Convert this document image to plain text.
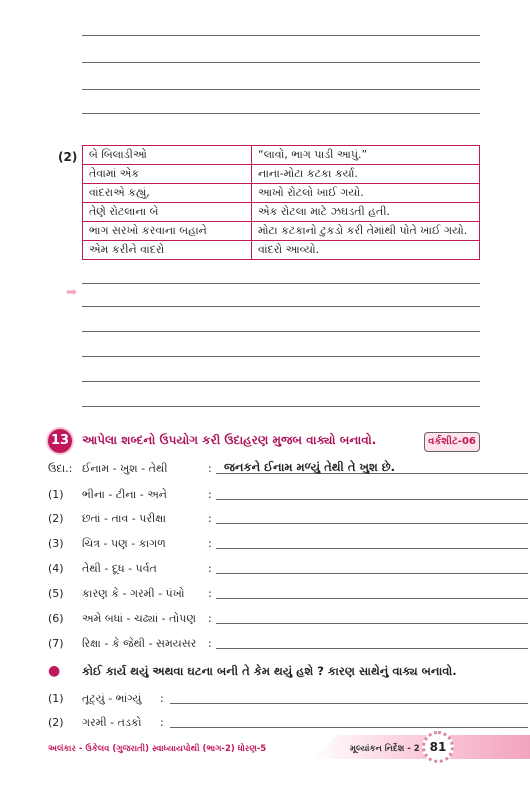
(2) બે બિલાડીઓ	“લાવો, ભાગ પાડી આપું.”
તેવામાં એક	નાના-મોટા કટકા કર્યા.
વાંદરાએ કહ્યું,	આખો રોટલો ખાઈ ગયો.
તેણે રોટલાના બે	એક રોટલા માટે ઝઘડતી હતી.
ભાગ સરખો કરવાના બહાને	મોટા કટકાનો ટુકડો કરી તેમાંથી પોતે ખાઈ ગયો.
એમ કરીને વાંદરો	વાંદરો આવ્યો.
➡
13 આપેલા શબ્દનો ઉપયોગ કરી ઉદાહરણ મુજબ વાક્યો બનાવો.	વર્કશીટ-06
ઉદા.: ઈનામ - ખુશ - તેથી	: જનકને ઈનામ મળ્યું તેથી તે ખુશ છે.
(1) ભીના - ટીના - અને	:
(2) છતાં - તાવ - પરીક્ષા	:
(3) ચિત્ર - પણ - કાગળ	:
(4) તેથી - દૂધ - પર્વત	:
(5) કારણ કે - ગરમી - પંખો :
(6) અમે બધાં - ચઢ્યાં - તોપણ :
(7) રિક્ષા - કે જેથી - સમયસર :
● કોઈ કાર્ય થયું અથવા ઘટના બની તે કેમ થયું હશે ? કારણ સાથેનું વાક્ય બનાવો.
(1) તૂટ્યું - ભાંગ્યું :
(2) ગરમી - તડકો :
અલંકાર - ઉકેલવ (ગુજરાતી) સ્વાધ્યાયપોથી (ભાગ-2) ધોરણ-5	મૂલ્યાંકન નિર્દેશ - 2 81
